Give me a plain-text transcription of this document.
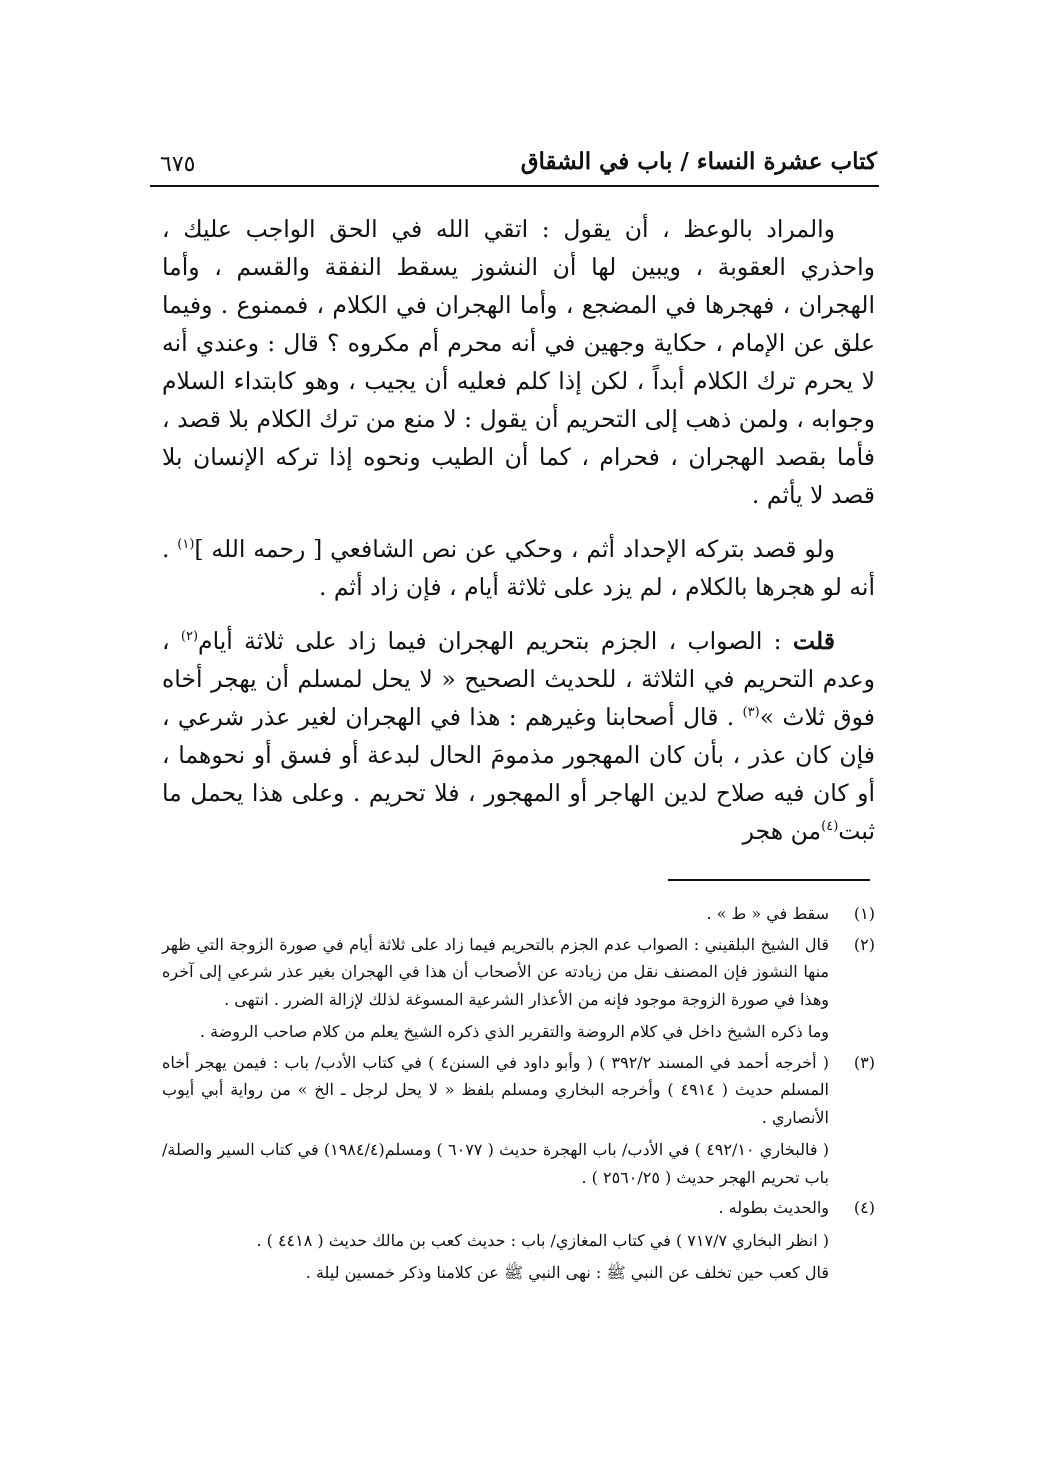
٦٧٥	كتاب عشرة النساء / باب في الشقاق

والمراد بالوعظ ، أن يقول : اتقي الله في الحق الواجب عليك ، واحذري العقوبة ، ويبين لها أن النشوز يسقط النفقة والقسم ، وأما الهجران ، فهجرها في المضجع ، وأما الهجران في الكلام ، فممنوع . وفيما علق عن الإمام ، حكاية وجهين في أنه محرم أم مكروه ؟ قال : وعندي أنه لا يحرم ترك الكلام أبداً ، لكن إذا كلم فعليه أن يجيب ، وهو كابتداء السلام وجوابه ، ولمن ذهب إلى التحريم أن يقول : لا منع من ترك الكلام بلا قصد ، فأما بقصد الهجران ، فحرام ، كما أن الطيب ونحوه إذا تركه الإنسان بلا قصد لا يأثم .

ولو قصد بتركه الإحداد أثم ، وحكي عن نص الشافعي [ رحمه الله ]$^{(١)}$ . أنه لو هجرها بالكلام ، لم يزد على ثلاثة أيام ، فإن زاد أثم .

قلت : الصواب ، الجزم بتحريم الهجران فيما زاد على ثلاثة أيام$^{(٢)}$ ، وعدم التحريم في الثلاثة ، للحديث الصحيح « لا يحل لمسلم أن يهجر أخاه فوق ثلاث »$^{(٣)}$ . قال أصحابنا وغيرهم : هذا في الهجران لغير عذر شرعي ، فإن كان عذر ، بأن كان المهجور مذمومَ الحال لبدعة أو فسق أو نحوهما ، أو كان فيه صلاح لدين الهاجر أو المهجور ، فلا تحريم . وعلى هذا يحمل ما ثبت$^{(٤)}$من هجر

(١)

سقط في « ط » .

(٢)

قال الشيخ البلقيني : الصواب عدم الجزم بالتحريم فيما زاد على ثلاثة أيام في صورة الزوجة التي ظهر منها النشوز فإن المصنف نقل من زيادته عن الأصحاب أن هذا في الهجران بغير عذر شرعي إلى آخره وهذا في صورة الزوجة موجود فإنه من الأعذار الشرعية المسوغة لذلك لإزالة الضرر . انتهى .

وما ذكره الشيخ داخل في كلام الروضة والتقرير الذي ذكره الشيخ يعلم من كلام صاحب الروضة .

(٣)

( أخرجه أحمد في المسند ٣٩٢/٢ ) ( وأبو داود في السنن٤ ) في كتاب الأدب/ باب : فيمن يهجر أخاه المسلم حديث ( ٤٩١٤ ) وأخرجه البخاري ومسلم بلفظ « لا يحل لرجل ـ الخ » من رواية أبي أيوب الأنصاري .

( فالبخاري ٤٩٢/١٠ ) في الأدب/ باب الهجرة حديث ( ٦٠٧٧ ) ومسلم(١٩٨٤/٤) في كتاب السير والصلة/ باب تحريم الهجر حديث ( ٢٥٦٠/٢٥ ) .

(٤)

والحديث بطوله .

( انظر البخاري ٧١٧/٧ ) في كتاب المغازي/ باب : حديث كعب بن مالك حديث ( ٤٤١٨ ) .

قال كعب حين تخلف عن النبي ﷺ : نهى النبي ﷺ عن كلامنا وذكر خمسين ليلة .
